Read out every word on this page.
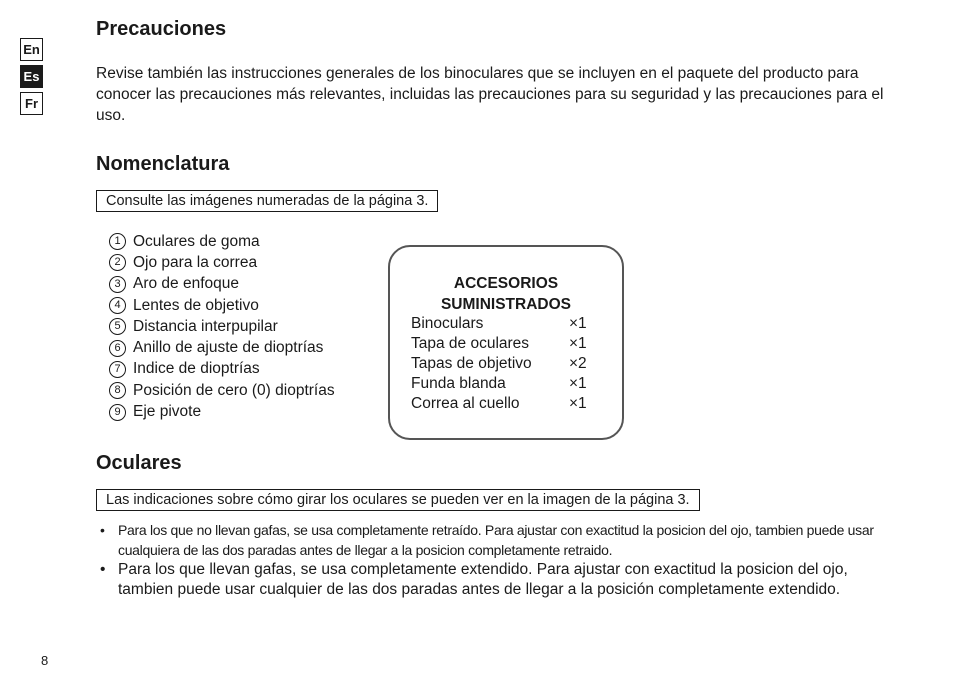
En
Es
Fr
Precauciones
Revise también las instrucciones generales de los binoculares que se incluyen en el paquete del producto para conocer las precauciones más relevantes, incluidas las precauciones para su seguridad y las precauciones para el uso.
Nomenclatura
Consulte las imágenes numeradas de la página 3.
1 Oculares de goma
2 Ojo para la correa
3 Aro de enfoque
4 Lentes de objetivo
5 Distancia interpupilar
6 Anillo de ajuste de dioptrías
7 Indice de dioptrías
8 Posición de cero (0) dioptrías
9 Eje pivote
ACCESORIOS
SUMINISTRADOS
Binoculars	×1
Tapa de oculares	×1
Tapas de objetivo	×2
Funda blanda	×1
Correa al cuello	×1
Oculares
Las indicaciones sobre cómo girar los oculares se pueden ver en la imagen de la página 3.
• Para los que no llevan gafas, se usa completamente retraído. Para ajustar con exactitud la posicion del ojo, tambien puede usar cualquiera de las dos paradas antes de llegar a la posicion completamente retraido.
• Para los que llevan gafas, se usa completamente extendido. Para ajustar con exactitud la posicion del ojo, tambien puede usar cualquier de las dos paradas antes de llegar a la posición completamente extendido.
8
